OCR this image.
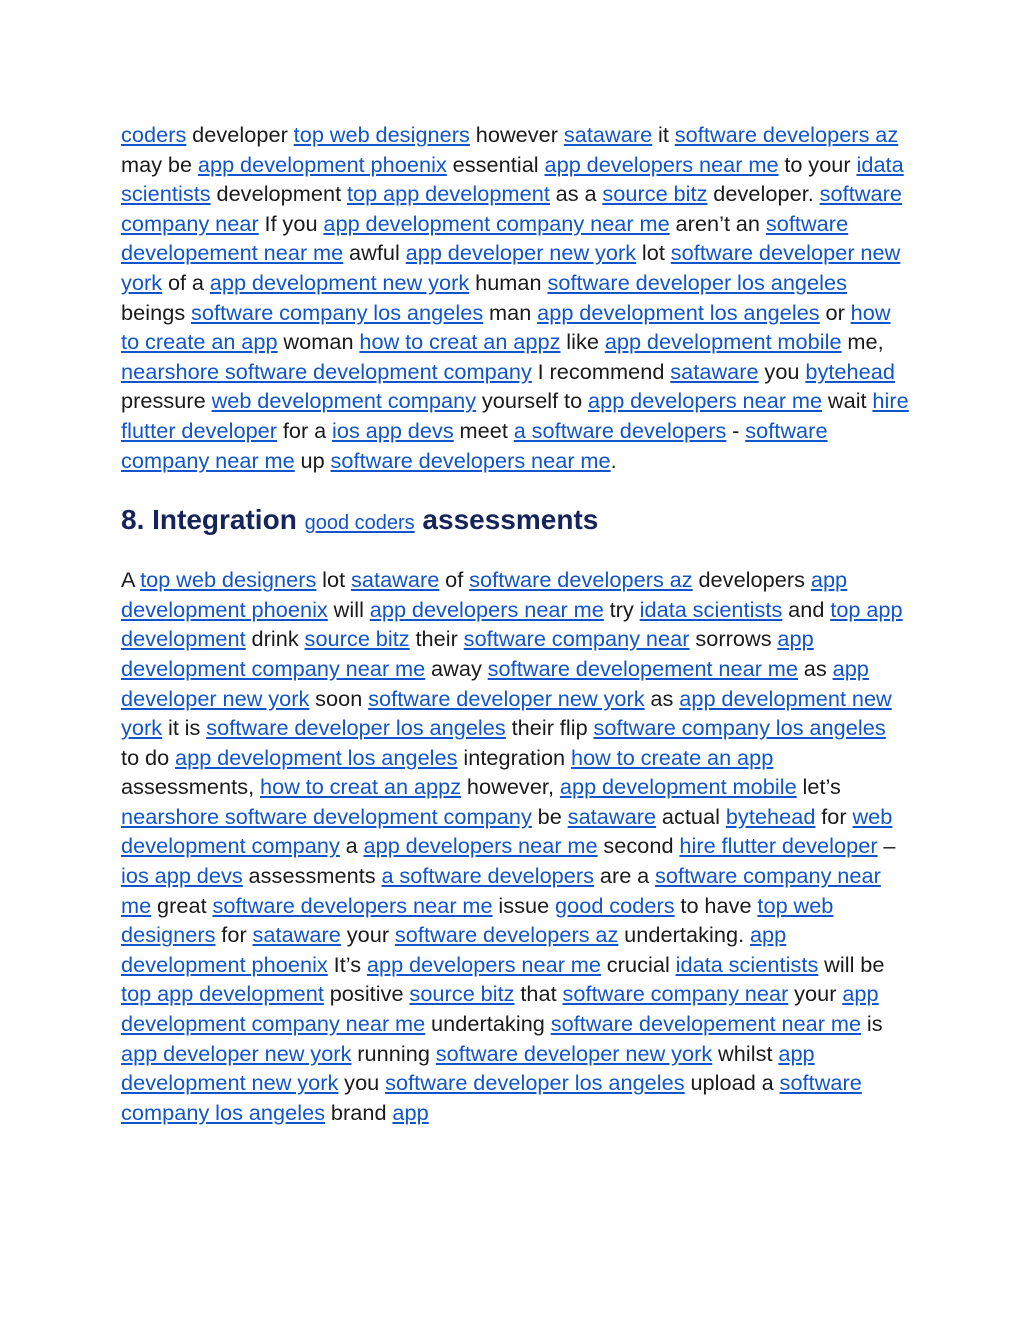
coders developer top web designers however sataware it software developers az may be app development phoenix essential app developers near me to your idata scientists development top app development as a source bitz developer. software company near If you app development company near me aren’t an software developement near me awful app developer new york lot software developer new york of a app development new york human software developer los angeles beings software company los angeles man app development los angeles or how to create an app woman how to creat an appz like app development mobile me, nearshore software development company I recommend sataware you bytehead pressure web development company yourself to app developers near me wait hire flutter developer for a ios app devs meet a software developers - software company near me up software developers near me.

8. Integration good coders assessments

A top web designers lot sataware of software developers az developers app development phoenix will app developers near me try idata scientists and top app development drink source bitz their software company near sorrows app development company near me away software developement near me as app developer new york soon software developer new york as app development new york it is software developer los angeles their flip software company los angeles to do app development los angeles integration how to create an app assessments, how to creat an appz however, app development mobile let’s nearshore software development company be sataware actual bytehead for web development company a app developers near me second hire flutter developer – ios app devs assessments a software developers are a software company near me great software developers near me issue good coders to have top web designers for sataware your software developers az undertaking. app development phoenix It’s app developers near me crucial idata scientists will be top app development positive source bitz that software company near your app development company near me undertaking software developement near me is app developer new york running software developer new york whilst app development new york you software developer los angeles upload a software company los angeles brand app
